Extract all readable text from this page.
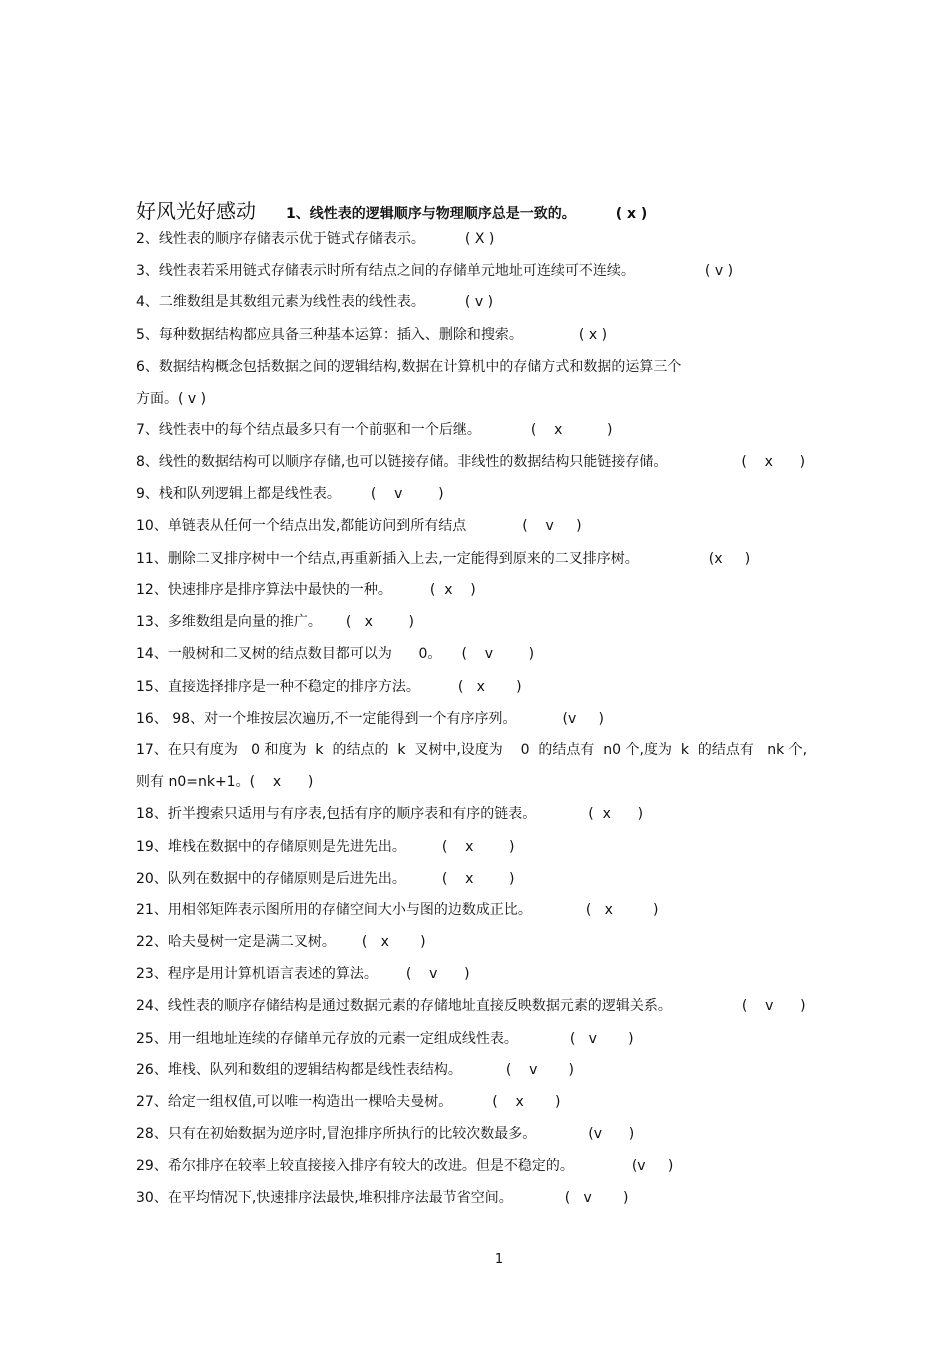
好风光好感动 1、线性表的逻辑顺序与物理顺序总是一致的。	( x )
2、线性表的顺序存储表示优于链式存储表示。	( X )
3、线性表若采用链式存储表示时所有结点之间的存储单元地址可连续可不连续。	( v )
4、二维数组是其数组元素为线性表的线性表。	( v )
5、每种数据结构都应具备三种基本运算：插入、删除和搜索。	( x )
6、数据结构概念包括数据之间的逻辑结构,数据在计算机中的存储方式和数据的运算三个
方面。( v )
7、线性表中的每个结点最多只有一个前驱和一个后继。	(    x          )
8、线性的数据结构可以顺序存储,也可以链接存储。非线性的数据结构只能链接存储。	(    x      )
9、栈和队列逻辑上都是线性表。 (    v        )
10、单链表从任何一个结点出发,都能访问到所有结点	(    v     )
11、删除二叉排序树中一个结点,再重新插入上去,一定能得到原来的二叉排序树。	(x     )
12、快速排序是排序算法中最快的一种。	(  x    )
13、多维数组是向量的推广。 (   x        )
14、一般树和二叉树的结点数目都可以为      0。 (    v        )
15、直接选择排序是一种不稳定的排序方法。	(   x       )
16、 98、对一个堆按层次遍历,不一定能得到一个有序序列。	(v     )
17、在只有度为   0 和度为  k  的结点的  k  叉树中,设度为    0  的结点有  n0 个,度为  k  的结点有   nk 个,
则有 n0=nk+1。(    x      )
18、折半搜索只适用与有序表,包括有序的顺序表和有序的链表。	(  x      )
19、堆栈在数据中的存储原则是先进先出。	(    x        )
20、队列在数据中的存储原则是后进先出。	(    x        )
21、用相邻矩阵表示图所用的存储空间大小与图的边数成正比。	(   x         )
22、哈夫曼树一定是满二叉树。 (   x       )
23、程序是用计算机语言表述的算法。 (    v      )
24、线性表的顺序存储结构是通过数据元素的存储地址直接反映数据元素的逻辑关系。	(    v      )
25、用一组地址连续的存储单元存放的元素一定组成线性表。	(   v       )
26、堆栈、队列和数组的逻辑结构都是线性表结构。	(    v       )
27、给定一组权值,可以唯一构造出一棵哈夫曼树。	(    x       )
28、只有在初始数据为逆序时,冒泡排序所执行的比较次数最多。	(v      )
29、希尔排序在较率上较直接接入排序有较大的改进。但是不稳定的。	(v     )
30、在平均情况下,快速排序法最快,堆积排序法最节省空间。	(   v       )
1
